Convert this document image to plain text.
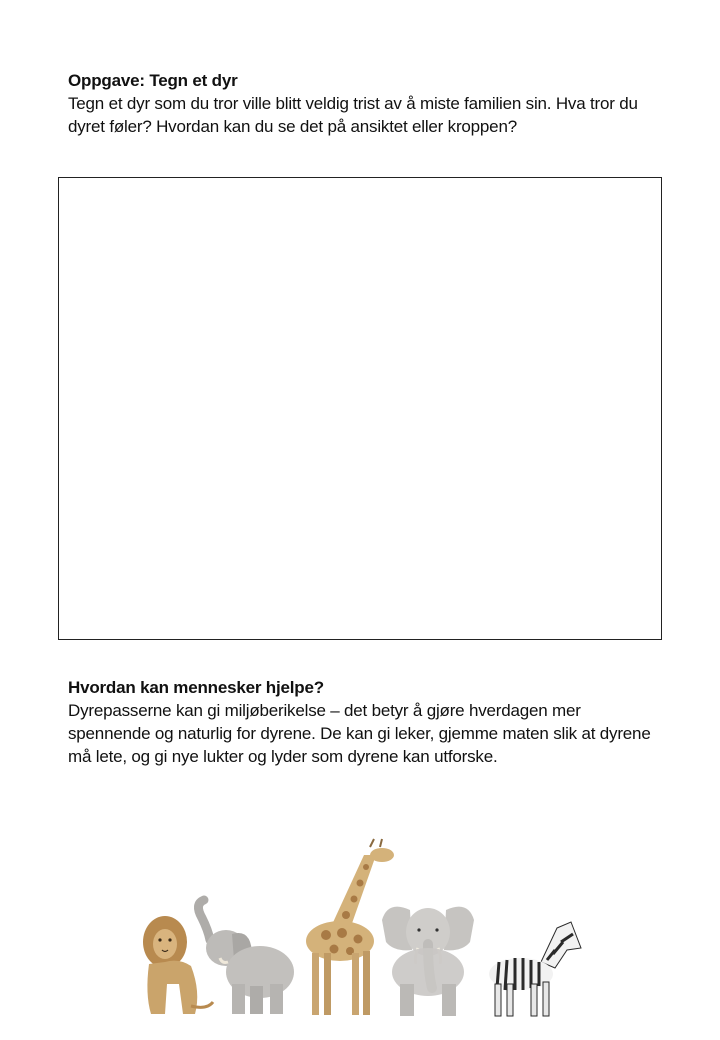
Oppgave: Tegn et dyr
Tegn et dyr som du tror ville blitt veldig trist av å miste familien sin. Hva tror du dyret føler? Hvordan kan du se det på ansiktet eller kroppen?
Hvordan kan mennesker hjelpe?
Dyrepasserne kan gi miljøberikelse – det betyr å gjøre hverdagen mer spennende og naturlig for dyrene. De kan gi leker, gjemme maten slik at dyrene må lete, og gi nye lukter og lyder som dyrene kan utforske.
